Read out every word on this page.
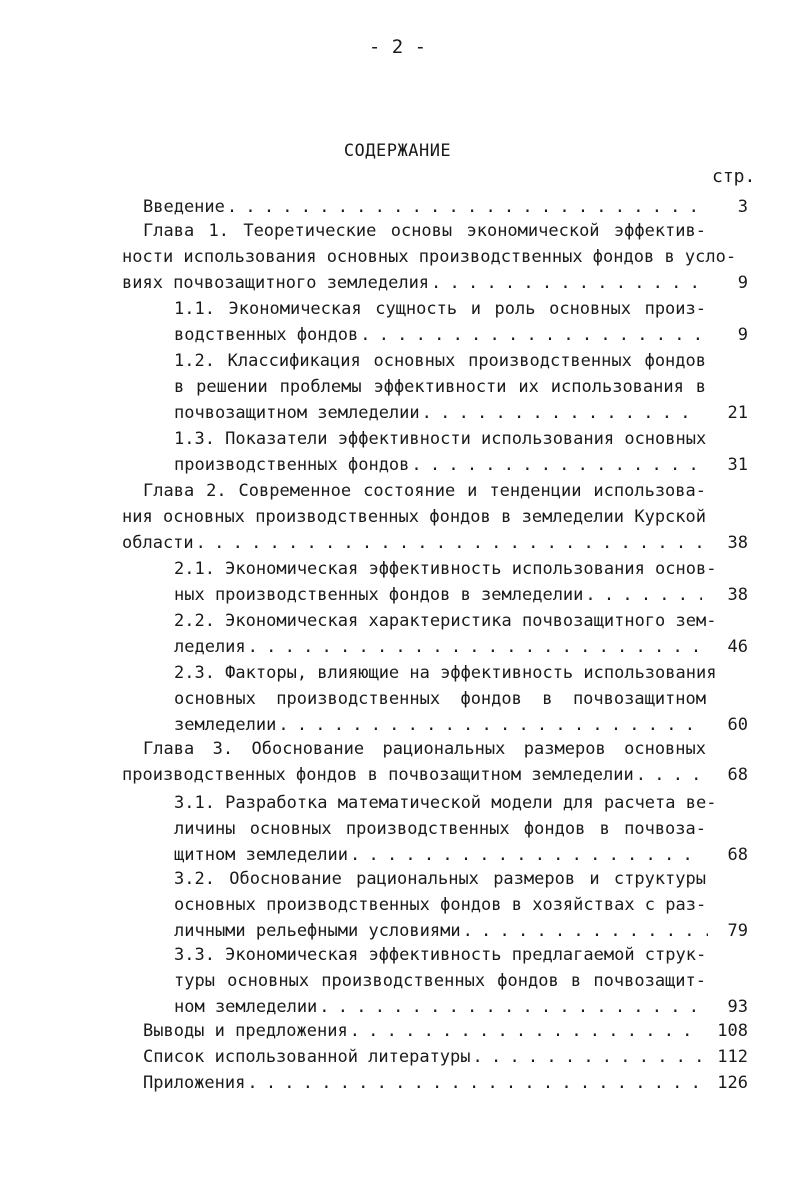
- 2 -
СОДЕРЖАНИЕ
стр.
Введение . . .	3
Глава 1. Теоретические основы экономической эффектив-
ности использования основных производственных фондов в усло-
виях почвозащитного земледелия . . .	9
1.1. Экономическая сущность и роль основных произ-
водственных фондов . . .	9
1.2. Классификация основных производственных фондов
в решении проблемы эффективности их использования в
почвозащитном земледелии . . .	21
1.3. Показатели эффективности использования основных
производственных фондов . . .	31
Глава 2. Современное состояние и тенденции использова-
ния основных производственных фондов в земледелии Курской
области . . .	38
2.1. Экономическая эффективность использования основ-
ных производственных фондов в земледелии . . .	38
2.2. Экономическая характеристика почвозащитного зем-
леделия . . .	46
2.3. Факторы, влияющие на эффективность использования
основных производственных фондов в почвозащитном
земледелии . . .	60
Глава 3. Обоснование рациональных размеров основных
производственных фондов в почвозащитном земледелии . . .	68
3.1. Разработка математической модели для расчета ве-
личины основных производственных фондов в почвоза-
щитном земледелии . . .	68
3.2. Обоснование рациональных размеров и структуры
основных производственных фондов в хозяйствах с раз-
личными рельефными условиями . . .	79
3.3. Экономическая эффективность предлагаемой струк-
туры основных производственных фондов в почвозащит-
ном земледелии . . .	93
Выводы и предложения . . .	108
Список использованной литературы . . .	112
Приложения . . .	126
